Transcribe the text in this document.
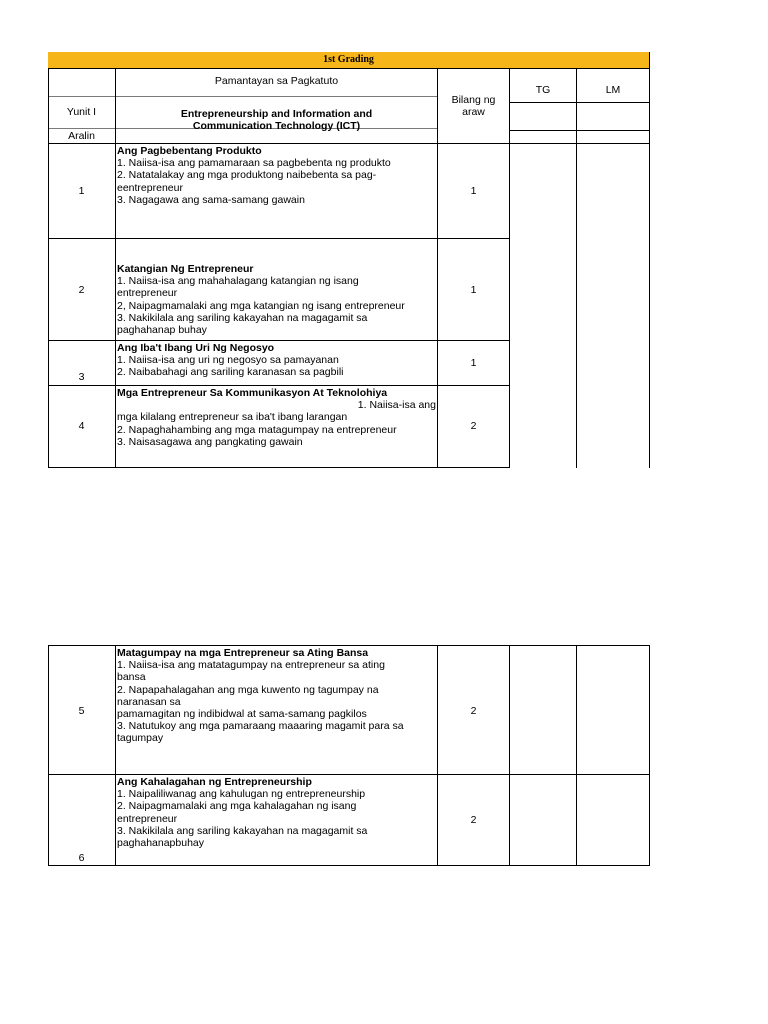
1st Grading
Pamantayan sa Pagkatuto
Bilang ng
araw
TG	LM
Yunit I	Entrepreneurship and Information and
Communication Technology (ICT)
Aralin
1
Ang Pagbebentang Produkto
1. Naiisa-isa ang pamamaraan sa pagbebenta ng produkto
2. Natatalakay ang mga produktong naibebenta sa pag-
eentrepreneur
3. Nagagawa ang sama-samang gawain
1
2
Katangian Ng Entrepreneur
1. Naiisa-isa ang mahahalagang katangian ng isang
entrepreneur
2, Naipagmamalaki ang mga katangian ng isang entrepreneur
3. Nakikilala ang sariling kakayahan na magagamit sa
paghahanap buhay
1
3
Ang Iba't Ibang Uri Ng Negosyo
1. Naiisa-isa ang uri ng negosyo sa pamayanan
2. Naibabahagi ang sariling karanasan sa pagbili
1
4
Mga Entrepreneur Sa Kommunikasyon At Teknolohiya
1. Naiisa-isa ang
mga kilalang entrepreneur sa iba't ibang larangan
2. Napaghahambing ang mga matagumpay na entrepreneur
3. Naisasagawa ang pangkating gawain
2
5
Matagumpay na mga Entrepreneur sa Ating Bansa
1. Naiisa-isa ang matatagumpay na entrepreneur sa ating
bansa
2. Napapahalagahan ang mga kuwento ng tagumpay na
naranasan sa
pamamagitan ng indibidwal at sama-samang pagkilos
3. Natutukoy ang mga pamaraang maaaring magamit para sa
tagumpay
2
6
Ang Kahalagahan ng Entrepreneurship
1. Naipaliliwanag ang kahulugan ng entrepreneurship
2. Naipagmamalaki ang mga kahalagahan ng isang
entrepreneur
3. Nakikilala ang sariling kakayahan na magagamit sa
paghahanapbuhay
2
